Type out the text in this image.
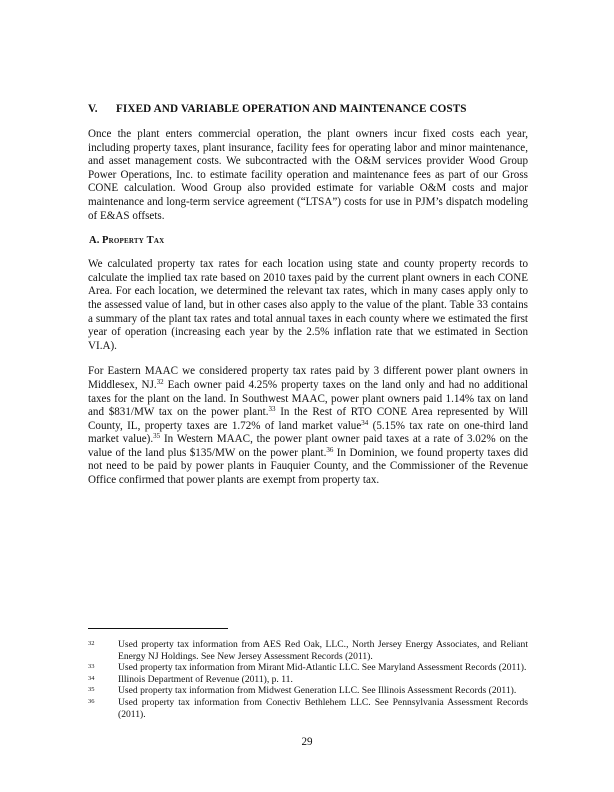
V. FIXED AND VARIABLE OPERATION AND MAINTENANCE COSTS

Once the plant enters commercial operation, the plant owners incur fixed costs each year, including property taxes, plant insurance, facility fees for operating labor and minor maintenance, and asset management costs. We subcontracted with the O&M services provider Wood Group Power Operations, Inc. to estimate facility operation and maintenance fees as part of our Gross CONE calculation. Wood Group also provided estimate for variable O&M costs and major maintenance and long-term service agreement (“LTSA”) costs for use in PJM’s dispatch modeling of E&AS offsets.

A. Property Tax

We calculated property tax rates for each location using state and county property records to calculate the implied tax rate based on 2010 taxes paid by the current plant owners in each CONE Area. For each location, we determined the relevant tax rates, which in many cases apply only to the assessed value of land, but in other cases also apply to the value of the plant. Table 33 contains a summary of the plant tax rates and total annual taxes in each county where we estimated the first year of operation (increasing each year by the 2.5% inflation rate that we estimated in Section VI.A).

For Eastern MAAC we considered property tax rates paid by 3 different power plant owners in Middlesex, NJ.$^{32}$ Each owner paid 4.25% property taxes on the land only and had no additional taxes for the plant on the land. In Southwest MAAC, power plant owners paid 1.14% tax on land and $831/MW tax on the power plant.$^{33}$ In the Rest of RTO CONE Area represented by Will County, IL, property taxes are 1.72% of land market value$^{34}$ (5.15% tax rate on one-third land market value).$^{35}$ In Western MAAC, the power plant owner paid taxes at a rate of 3.02% on the value of the land plus $135/MW on the power plant.$^{36}$ In Dominion, we found property taxes did not need to be paid by power plants in Fauquier County, and the Commissioner of the Revenue Office confirmed that power plants are exempt from property tax.

32 Used property tax information from AES Red Oak, LLC., North Jersey Energy Associates, and Reliant Energy NJ Holdings. See New Jersey Assessment Records (2011).
33 Used property tax information from Mirant Mid-Atlantic LLC. See Maryland Assessment Records (2011).
34 Illinois Department of Revenue (2011), p. 11.
35 Used property tax information from Midwest Generation LLC. See Illinois Assessment Records (2011).
36 Used property tax information from Conectiv Bethlehem LLC. See Pennsylvania Assessment Records (2011).
29
